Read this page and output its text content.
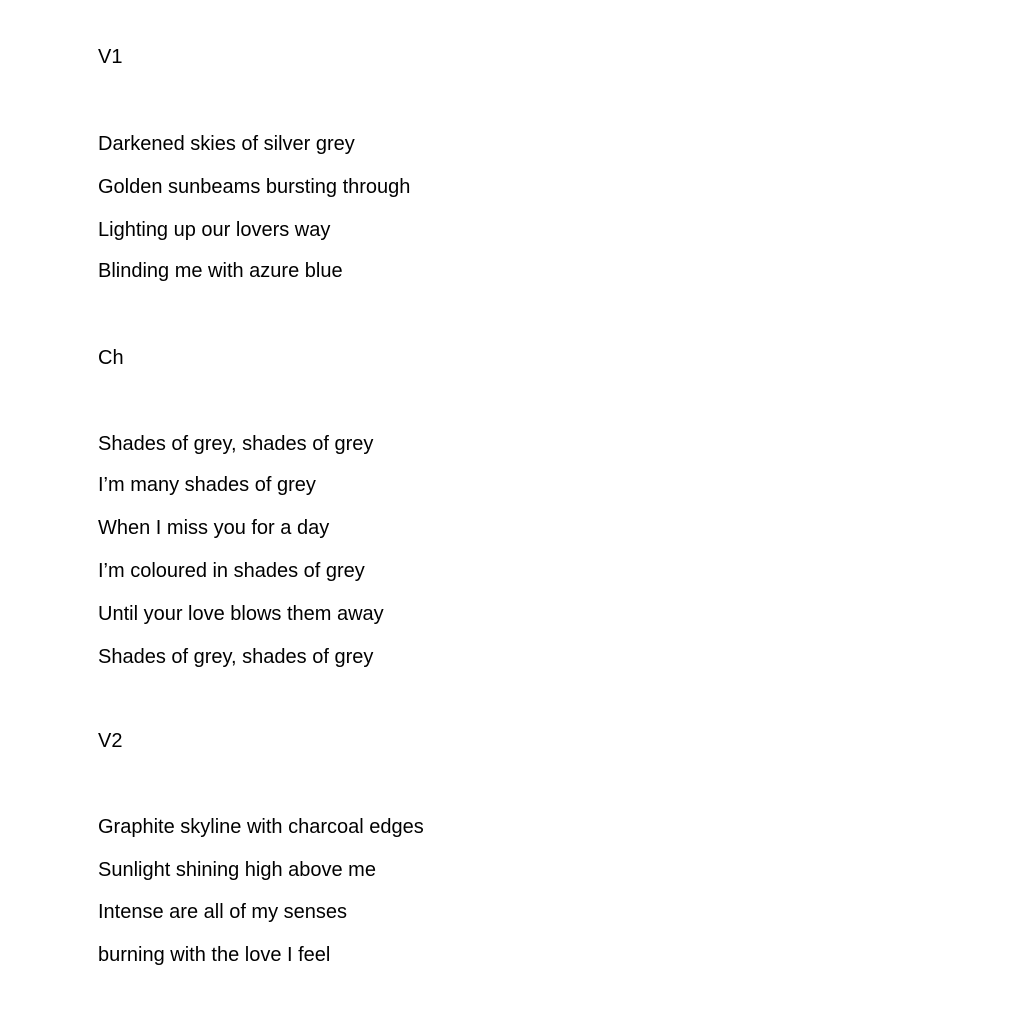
V1
Darkened skies of silver grey
Golden sunbeams bursting through
Lighting up our lovers way
Blinding me with azure blue
Ch
Shades of grey, shades of grey
I’m many shades of grey
When I miss you for a day
I’m coloured in shades of grey
Until your love blows them away
Shades of grey, shades of grey
V2
Graphite skyline with charcoal edges
Sunlight shining high above me
Intense are all of my senses
burning with the love I feel
